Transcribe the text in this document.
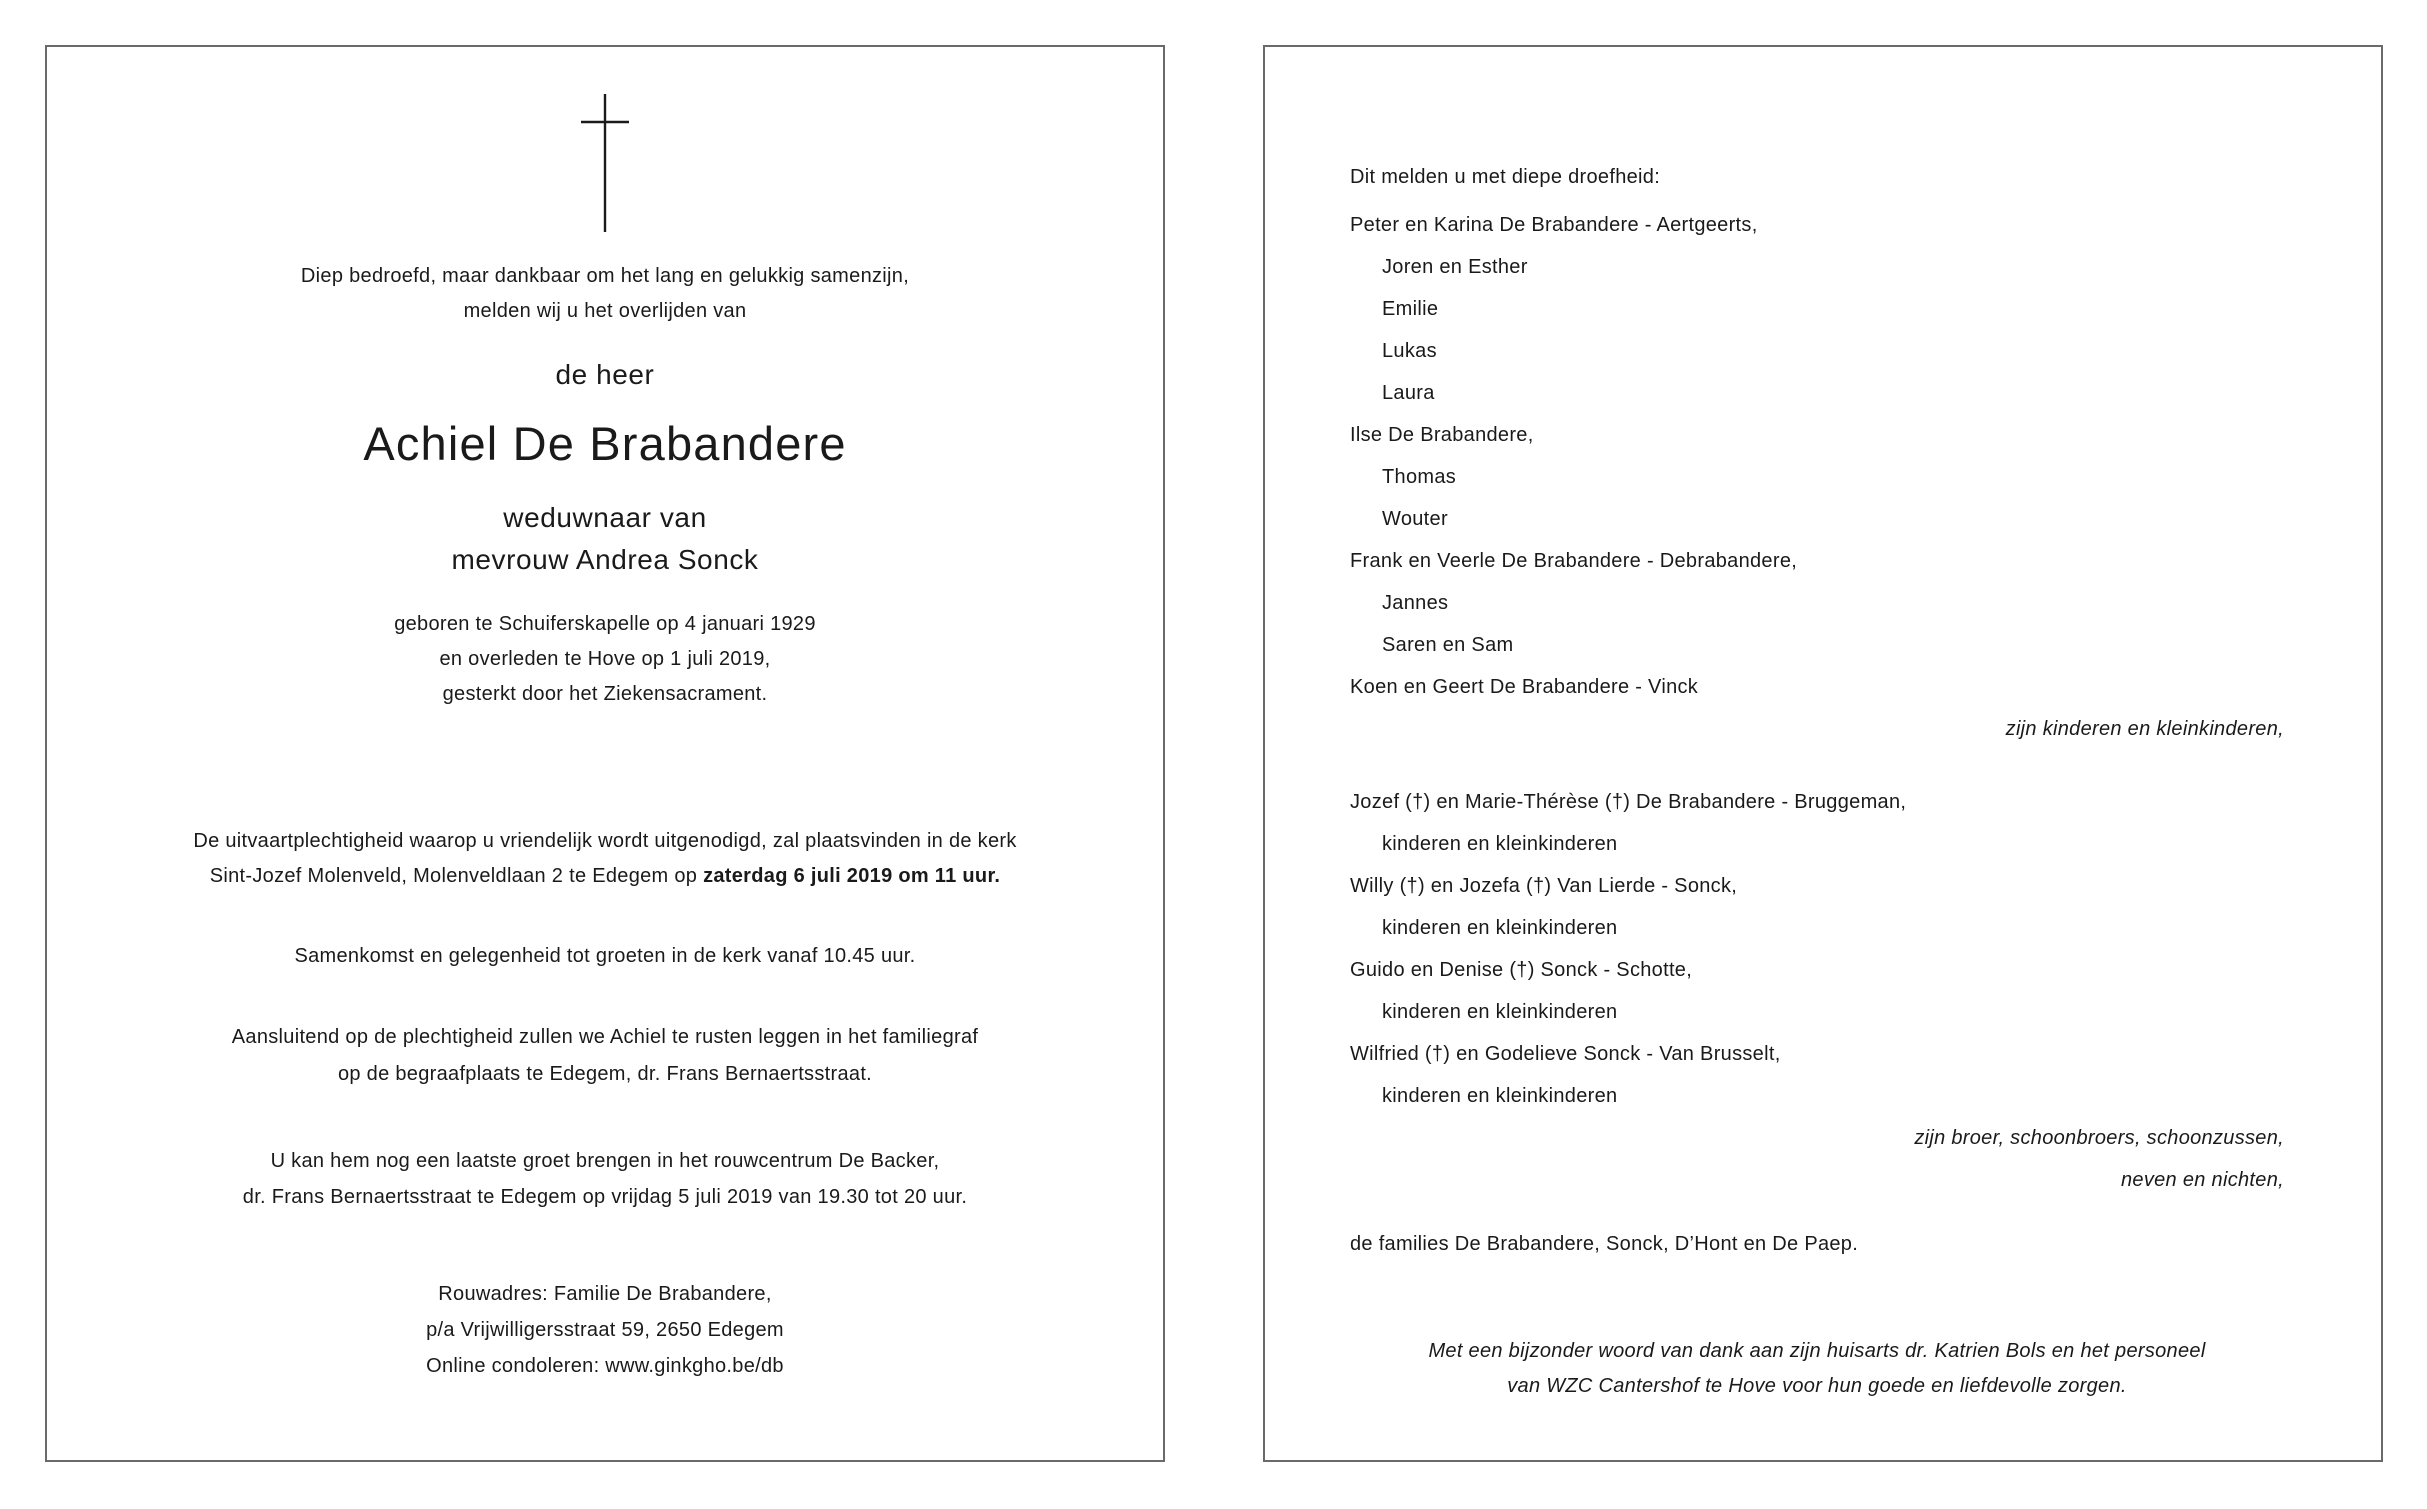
Diep bedroefd, maar dankbaar om het lang en gelukkig samenzijn,
melden wij u het overlijden van
de heer
Achiel De Brabandere
weduwnaar van
mevrouw Andrea Sonck
geboren te Schuiferskapelle op 4 januari 1929
en overleden te Hove op 1 juli 2019,
gesterkt door het Ziekensacrament.
De uitvaartplechtigheid waarop u vriendelijk wordt uitgenodigd, zal plaatsvinden in de kerk
Sint-Jozef Molenveld, Molenveldlaan 2 te Edegem op zaterdag 6 juli 2019 om 11 uur.
Samenkomst en gelegenheid tot groeten in de kerk vanaf 10.45 uur.
Aansluitend op de plechtigheid zullen we Achiel te rusten leggen in het familiegraf
op de begraafplaats te Edegem, dr. Frans Bernaertsstraat.
U kan hem nog een laatste groet brengen in het rouwcentrum De Backer,
dr. Frans Bernaertsstraat te Edegem op vrijdag 5 juli 2019 van 19.30 tot 20 uur.
Rouwadres: Familie De Brabandere,
p/a Vrijwilligersstraat 59, 2650 Edegem
Online condoleren: www.ginkgho.be/db
Dit melden u met diepe droefheid:
Peter en Karina De Brabandere - Aertgeerts,
Joren en Esther
Emilie
Lukas
Laura
Ilse De Brabandere,
Thomas
Wouter
Frank en Veerle De Brabandere - Debrabandere,
Jannes
Saren en Sam
Koen en Geert De Brabandere - Vinck
zijn kinderen en kleinkinderen,
Jozef (†) en Marie-Thérèse (†) De Brabandere - Bruggeman,
kinderen en kleinkinderen
Willy (†) en Jozefa (†) Van Lierde - Sonck,
kinderen en kleinkinderen
Guido en Denise (†) Sonck - Schotte,
kinderen en kleinkinderen
Wilfried (†) en Godelieve Sonck - Van Brusselt,
kinderen en kleinkinderen
zijn broer, schoonbroers, schoonzussen,
neven en nichten,
de families De Brabandere, Sonck, D’Hont en De Paep.
Met een bijzonder woord van dank aan zijn huisarts dr. Katrien Bols en het personeel
van WZC Cantershof te Hove voor hun goede en liefdevolle zorgen.
